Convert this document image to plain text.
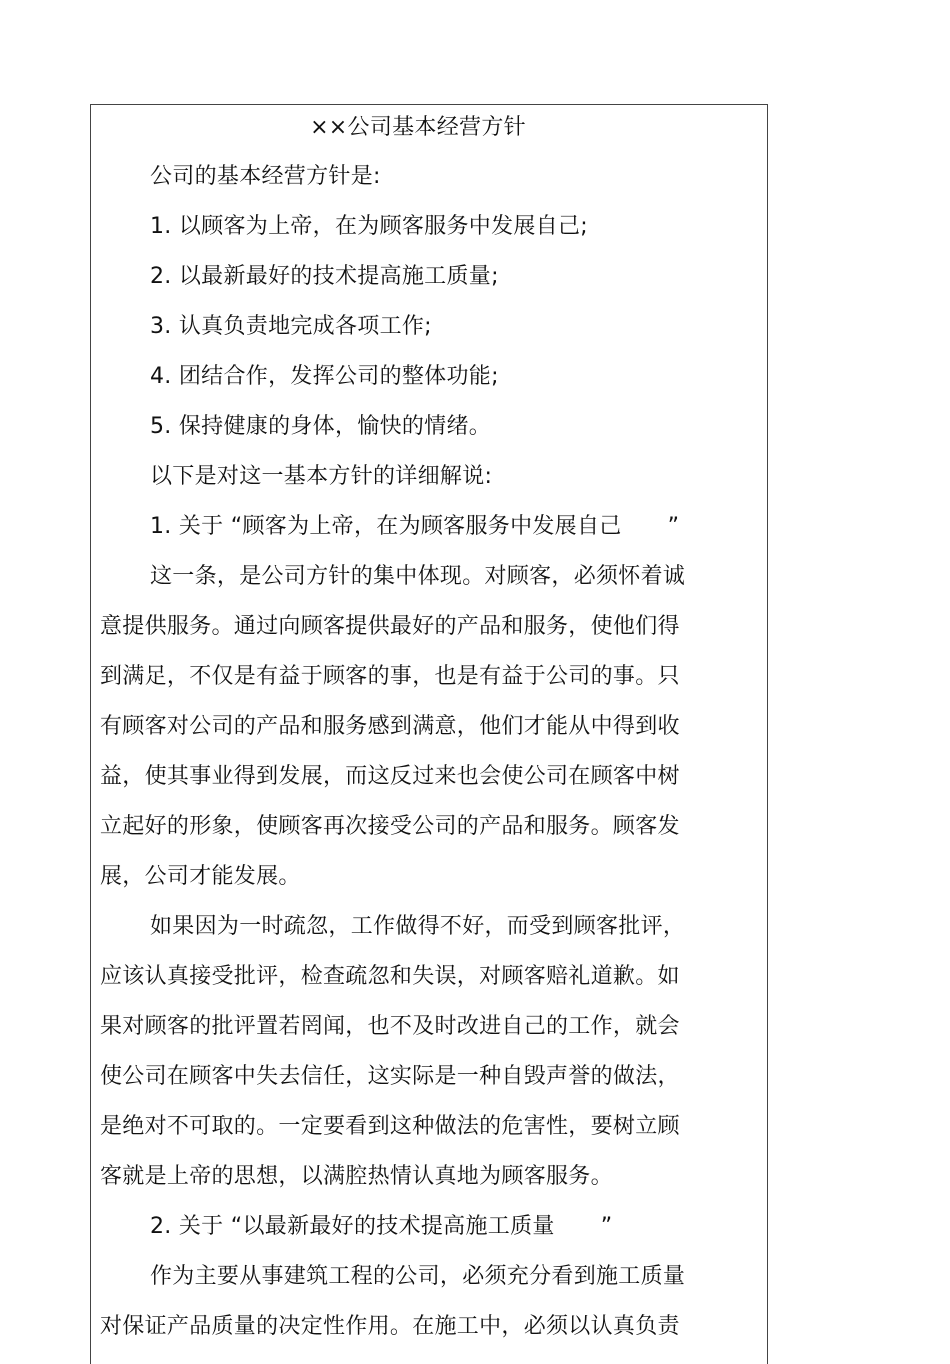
××公司基本经营方针
公司的基本经营方针是:
1. 以顾客为上帝，在为顾客服务中发展自己;
2. 以最新最好的技术提高施工质量;
3. 认真负责地完成各项工作;
4. 团结合作，发挥公司的整体功能;
5. 保持健康的身体，愉快的情绪。
以下是对这一基本方针的详细解说:
1. 关于 “顾客为上帝，在为顾客服务中发展自己 ”
这一条，是公司方针的集中体现。对顾客，必须怀着诚
意提供服务。通过向顾客提供最好的产品和服务，使他们得
到满足，不仅是有益于顾客的事，也是有益于公司的事。只
有顾客对公司的产品和服务感到满意，他们才能从中得到收
益，使其事业得到发展，而这反过来也会使公司在顾客中树
立起好的形象，使顾客再次接受公司的产品和服务。顾客发
展，公司才能发展。
如果因为一时疏忽，工作做得不好，而受到顾客批评，
应该认真接受批评，检查疏忽和失误，对顾客赔礼道歉。如
果对顾客的批评置若罔闻，也不及时改进自己的工作，就会
使公司在顾客中失去信任，这实际是一种自毁声誉的做法，
是绝对不可取的。一定要看到这种做法的危害性，要树立顾
客就是上帝的思想，以满腔热情认真地为顾客服务。
2. 关于 “以最新最好的技术提高施工质量 ”
作为主要从事建筑工程的公司，必须充分看到施工质量
对保证产品质量的决定性作用。在施工中，必须以认真负责
